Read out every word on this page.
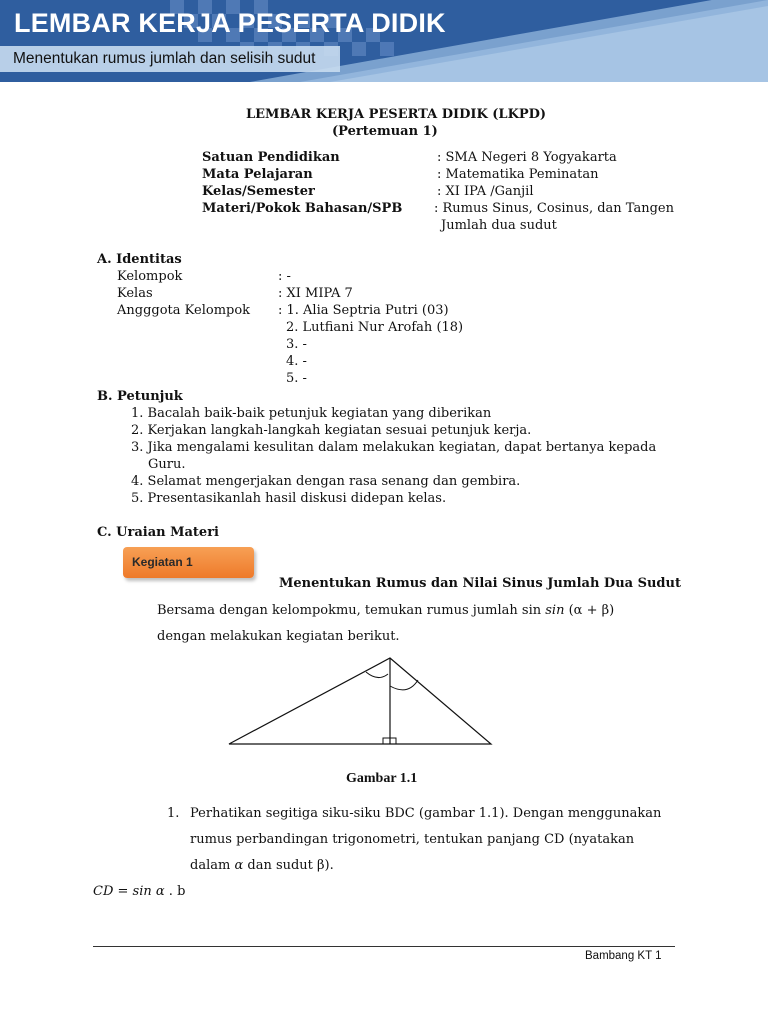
LEMBAR KERJA PESERTA DIDIK
Menentukan rumus jumlah dan selisih sudut
LEMBAR KERJA PESERTA DIDIK (LKPD)
(Pertemuan 1)
Satuan Pendidikan	: SMA Negeri 8 Yogyakarta
Mata Pelajaran	: Matematika Peminatan
Kelas/Semester	: XI IPA /Ganjil
Materi/Pokok Bahasan/SPB : Rumus Sinus, Cosinus, dan Tangen
Jumlah dua sudut
A. Identitas
Kelompok	: -
Kelas	: XI MIPA 7
Angggota Kelompok : 1. Alia Septria Putri (03)
2. Lutfiani Nur Arofah (18)
3. -
4. -
5. -
B. Petunjuk
1. Bacalah baik-baik petunjuk kegiatan yang diberikan
2. Kerjakan langkah-langkah kegiatan sesuai petunjuk kerja.
3. Jika mengalami kesulitan dalam melakukan kegiatan, dapat bertanya kepada
Guru.
4. Selamat mengerjakan dengan rasa senang dan gembira.
5. Presentasikanlah hasil diskusi didepan kelas.
C. Uraian Materi
Kegiatan 1
Menentukan Rumus dan Nilai Sinus Jumlah Dua Sudut
Bersama dengan kelompokmu, temukan rumus jumlah sin sin (α + β)
dengan melakukan kegiatan berikut.
Gambar 1.1
1. Perhatikan segitiga siku-siku BDC (gambar 1.1). Dengan menggunakan
rumus perbandingan trigonometri, tentukan panjang CD (nyatakan
dalam α dan sudut β).
CD = sin α . b
Bambang KT 1
